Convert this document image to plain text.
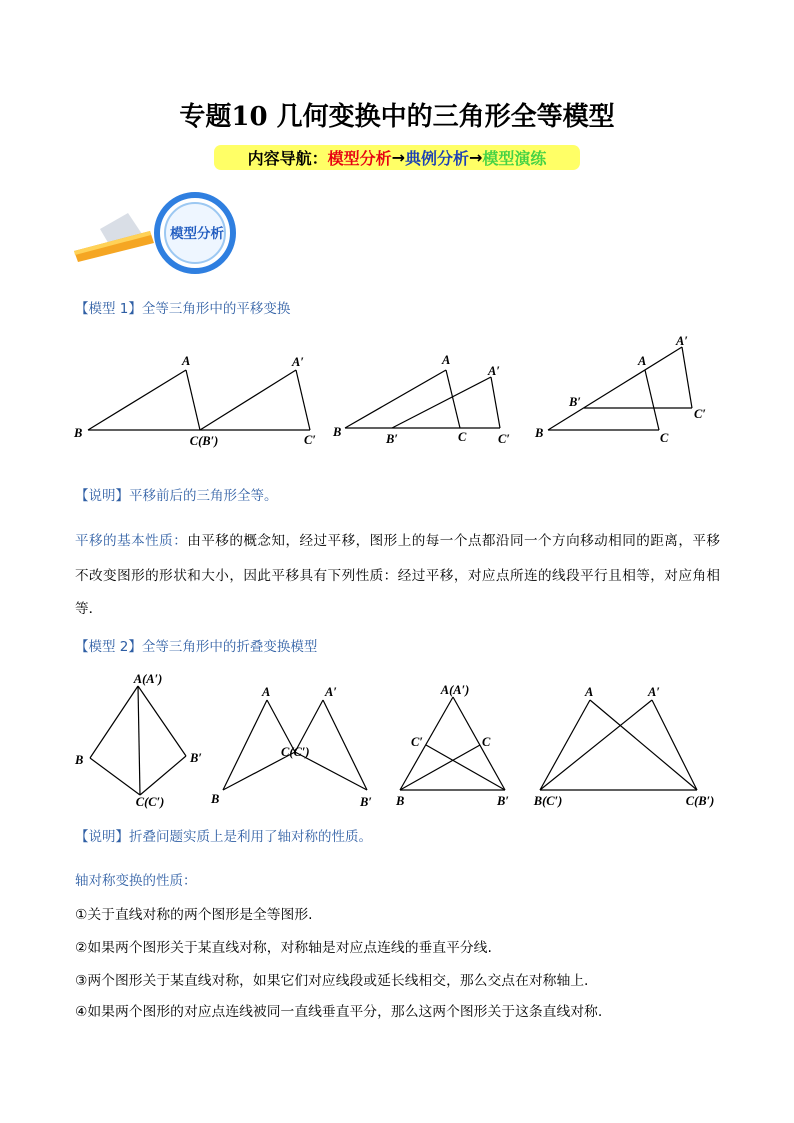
专题10 几何变换中的三角形全等模型
内容导航： 模型分析 → 典例分析 → 模型演练
【模型 1】全等三角形中的平移变换
【说明】平移前后的三角形全等。
平移的基本性质：由平移的概念知，经过平移，图形上的每一个点都沿同一个方向移动相同的距离，平移
不改变图形的形状和大小，因此平移具有下列性质：经过平移，对应点所连的线段平行且相等，对应角相
等．
【模型 2】全等三角形中的折叠变换模型
【说明】折叠问题实质上是利用了轴对称的性质。
轴对称变换的性质：
①关于直线对称的两个图形是全等图形.
②如果两个图形关于某直线对称，对称轴是对应点连线的垂直平分线.
③两个图形关于某直线对称，如果它们对应线段或延长线相交，那么交点在对称轴上.
④如果两个图形的对应点连线被同一直线垂直平分，那么这两个图形关于这条直线对称.
模型分析
A	A′
B
C(B′)	C′
A
A′
B	B′	C	C′
A′
A
B′
C′
B	C
A(A′)
B	B′
C(C′)
A	A′
C(C′)
B	B′
A(A′)
C′	C
B	B′
A	A′
B(C′)	C(B′)
